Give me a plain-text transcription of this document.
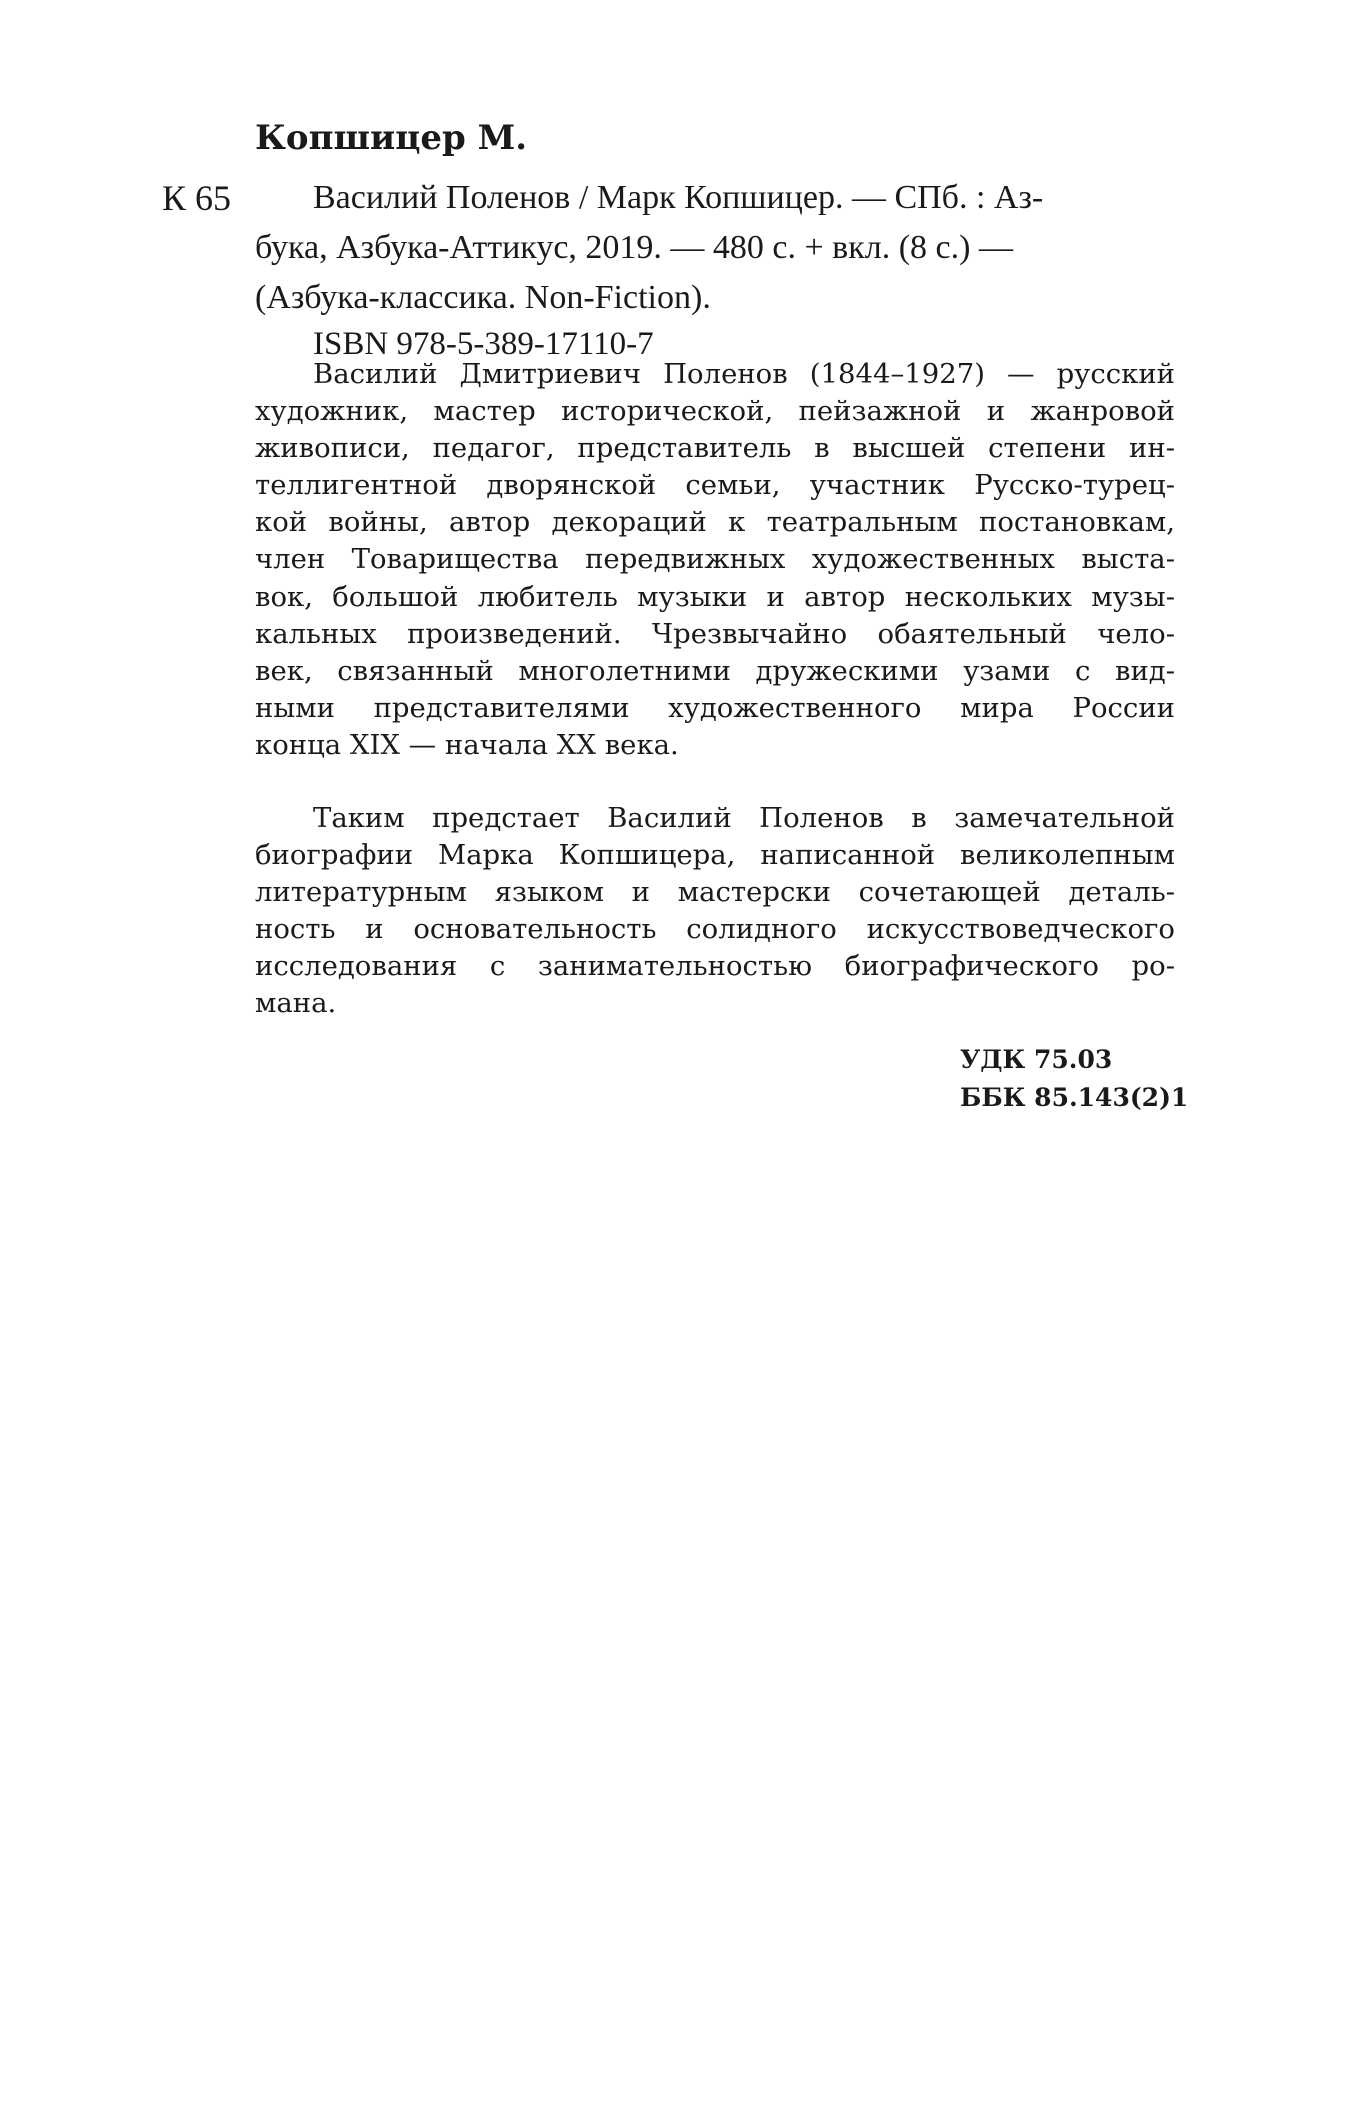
Копшицер М.
К 65 Василий Поленов / Марк Копшицер. — СПб. : Аз-
бука, Азбука-Аттикус, 2019. — 480 с. + вкл. (8 с.) —
(Азбука-классика. Non-Fiction).
ISBN 978-5-389-17110-7
Василий Дмитриевич Поленов (1844–1927) — русский
художник, мастер исторической, пейзажной и жанровой
живописи, педагог, представитель в высшей степени ин-
теллигентной дворянской семьи, участник Русско-турец-
кой войны, автор декораций к театральным постановкам,
член Товарищества передвижных художественных выста-
вок, большой любитель музыки и автор нескольких музы-
кальных произведений. Чрезвычайно обаятельный чело-
век, связанный многолетними дружескими узами с вид-
ными представителями художественного мира России
конца XIX — начала XX века.
Таким предстает Василий Поленов в замечательной
биографии Марка Копшицера, написанной великолепным
литературным языком и мастерски сочетающей деталь-
ность и основательность солидного искусствоведческого
исследования с занимательностью биографического ро-
мана.
УДК 75.03
ББК 85.143(2)1
